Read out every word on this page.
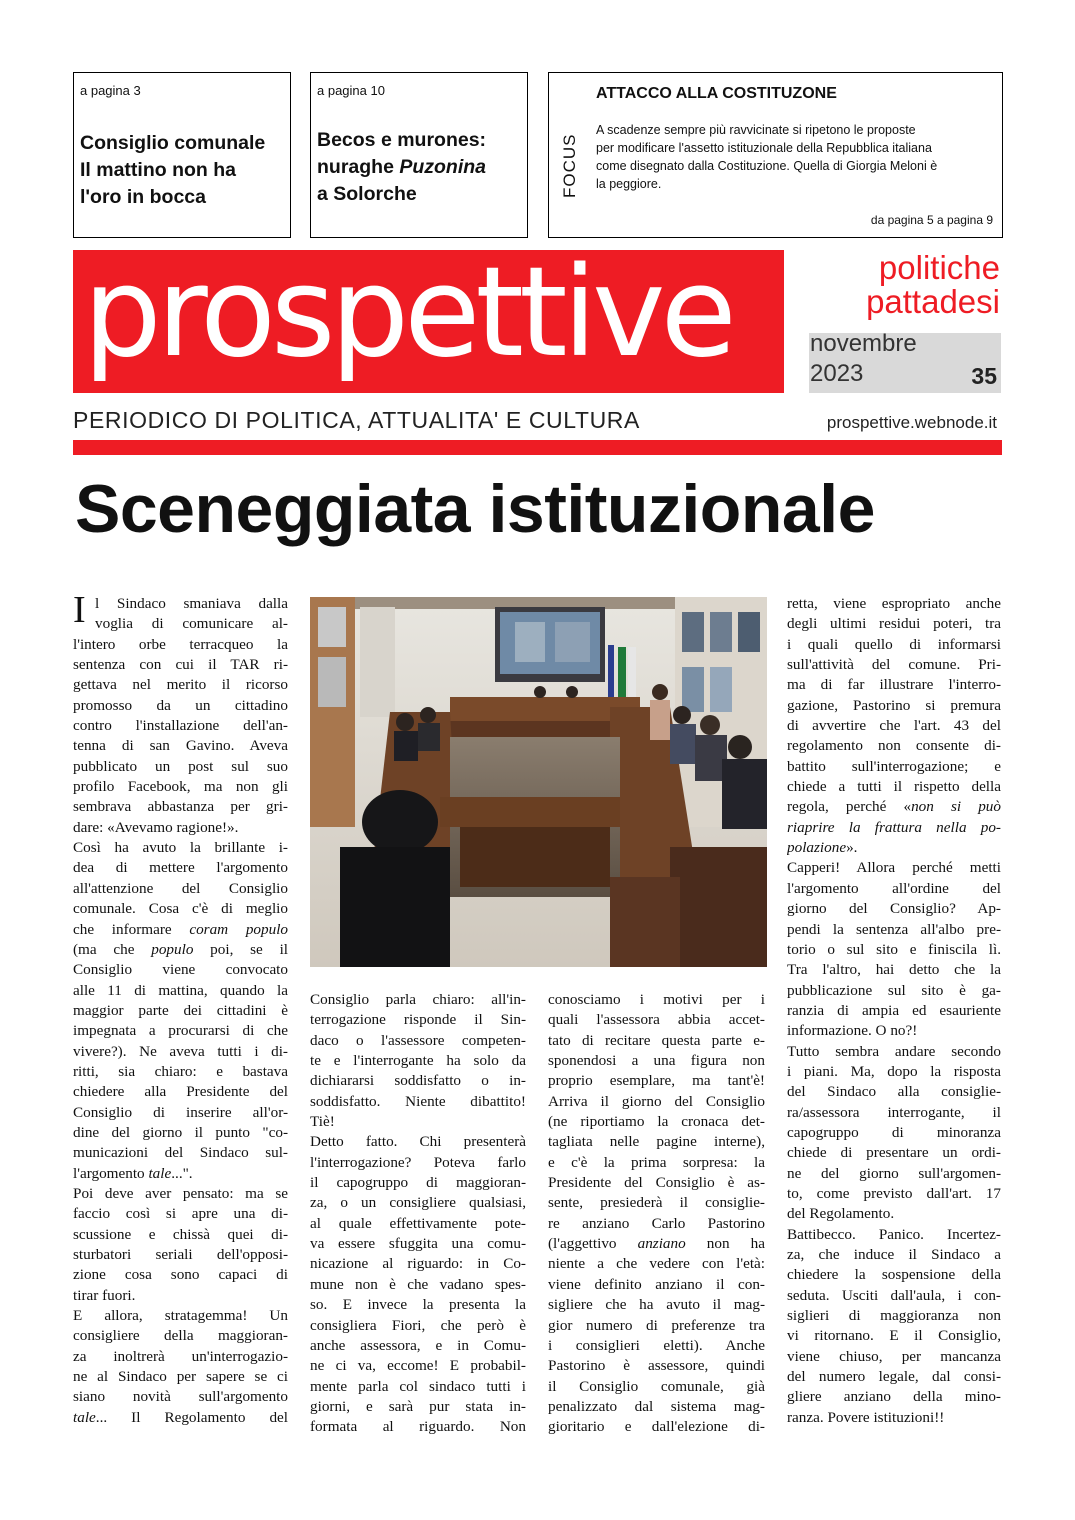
a pagina 3
Consiglio comunale
Il mattino non ha
l'oro in bocca
a pagina 10
Becos e murones:
nuraghe Puzonina
a Solorche	FOCUS
ATTACCO ALLA COSTITUZONE
A scadenze sempre più ravvicinate si ripetono le proposte
per modificare l'assetto istituzionale della Repubblica italiana
come disegnato dalla Costituzione. Quella di Giorgia Meloni è
la peggiore.
da pagina 5 a pagina 9
prospettive	politiche
pattadesi
novembre
2023	35
PERIODICO DI POLITICA, ATTUALITA' E CULTURA	prospettive.webnode.it
Sceneggiata istituzionale
I l Sindaco smaniava dalla
voglia di comunicare al-
l'intero orbe terracqueo la
sentenza con cui il TAR ri-
gettava nel merito il ricorso
promosso da un cittadino
contro l'installazione dell'an-
tenna di san Gavino. Aveva
pubblicato un post sul suo
profilo Facebook, ma non gli
sembrava abbastanza per gri-
dare: «Avevamo ragione!».
Così ha avuto la brillante i-
dea di mettere l'argomento
all'attenzione del Consiglio
comunale. Cosa c'è di meglio
che informare coram populo
(ma che populo poi, se il
Consiglio viene convocato
alle 11 di mattina, quando la
maggior parte dei cittadini è
impegnata a procurarsi di che
vivere?). Ne aveva tutti i di-
ritti, sia chiaro: e bastava
chiedere alla Presidente del
Consiglio di inserire all'or-
dine del giorno il punto "co-
municazioni del Sindaco sul-
l'argomento tale...".
Poi deve aver pensato: ma se
faccio così si apre una di-
scussione e chissà quei di-
sturbatori seriali dell'opposi-
zione cosa sono capaci di
tirar fuori.
E allora, stratagemma! Un
consigliere della maggioran-
za inoltrerà un'interrogazio-
ne al Sindaco per sapere se ci
siano novità sull'argomento
tale... Il Regolamento del
Consiglio parla chiaro: all'in-
terrogazione risponde il Sin-
daco o l'assessore competen-
te e l'interrogante ha solo da
dichiararsi soddisfatto o in-
soddisfatto. Niente dibattito!
Tiè!
Detto fatto. Chi presenterà
l'interrogazione? Poteva farlo
il capogruppo di maggioran-
za, o un consigliere qualsiasi,
al quale effettivamente pote-
va essere sfuggita una comu-
nicazione al riguardo: in Co-
mune non è che vadano spes-
so. E invece la presenta la
consigliera Fiori, che però è
anche assessora, e in Comu-
ne ci va, eccome! E probabil-
mente parla col sindaco tutti i
giorni, e sarà pur stata in-
formata al riguardo. Non
conosciamo i motivi per i
quali l'assessora abbia accet-
tato di recitare questa parte e-
sponendosi a una figura non
proprio esemplare, ma tant'è!
Arriva il giorno del Consiglio
(ne riportiamo la cronaca det-
tagliata nelle pagine interne),
e c'è la prima sorpresa: la
Presidente del Consiglio è as-
sente, presiederà il consiglie-
re anziano Carlo Pastorino
(l'aggettivo anziano non ha
niente a che vedere con l'età:
viene definito anziano il con-
sigliere che ha avuto il mag-
gior numero di preferenze tra
i consiglieri eletti). Anche
Pastorino è assessore, quindi
il Consiglio comunale, già
penalizzato dal sistema mag-
gioritario e dall'elezione di-
retta, viene espropriato anche
degli ultimi residui poteri, tra
i quali quello di informarsi
sull'attività del comune. Pri-
ma di far illustrare l'interro-
gazione, Pastorino si premura
di avvertire che l'art. 43 del
regolamento non consente di-
battito sull'interrogazione; e
chiede a tutti il rispetto della
regola, perché «non si può
riaprire la frattura nella po-
polazione».
Capperi! Allora perché metti
l'argomento all'ordine del
giorno del Consiglio? Ap-
pendi la sentenza all'albo pre-
torio o sul sito e finiscila lì.
Tra l'altro, hai detto che la
pubblicazione sul sito è ga-
ranzia di ampia ed esauriente
informazione. O no?!
Tutto sembra andare secondo
i piani. Ma, dopo la risposta
del Sindaco alla consiglie-
ra/assessora interrogante, il
capogruppo di minoranza
chiede di presentare un ordi-
ne del giorno sull'argomen-
to, come previsto dall'art. 17
del Regolamento.
Battibecco. Panico. Incertez-
za, che induce il Sindaco a
chiedere la sospensione della
seduta. Usciti dall'aula, i con-
siglieri di maggioranza non
vi ritornano. E il Consiglio,
viene chiuso, per mancanza
del numero legale, dal consi-
gliere anziano della mino-
ranza. Povere istituzioni!!
